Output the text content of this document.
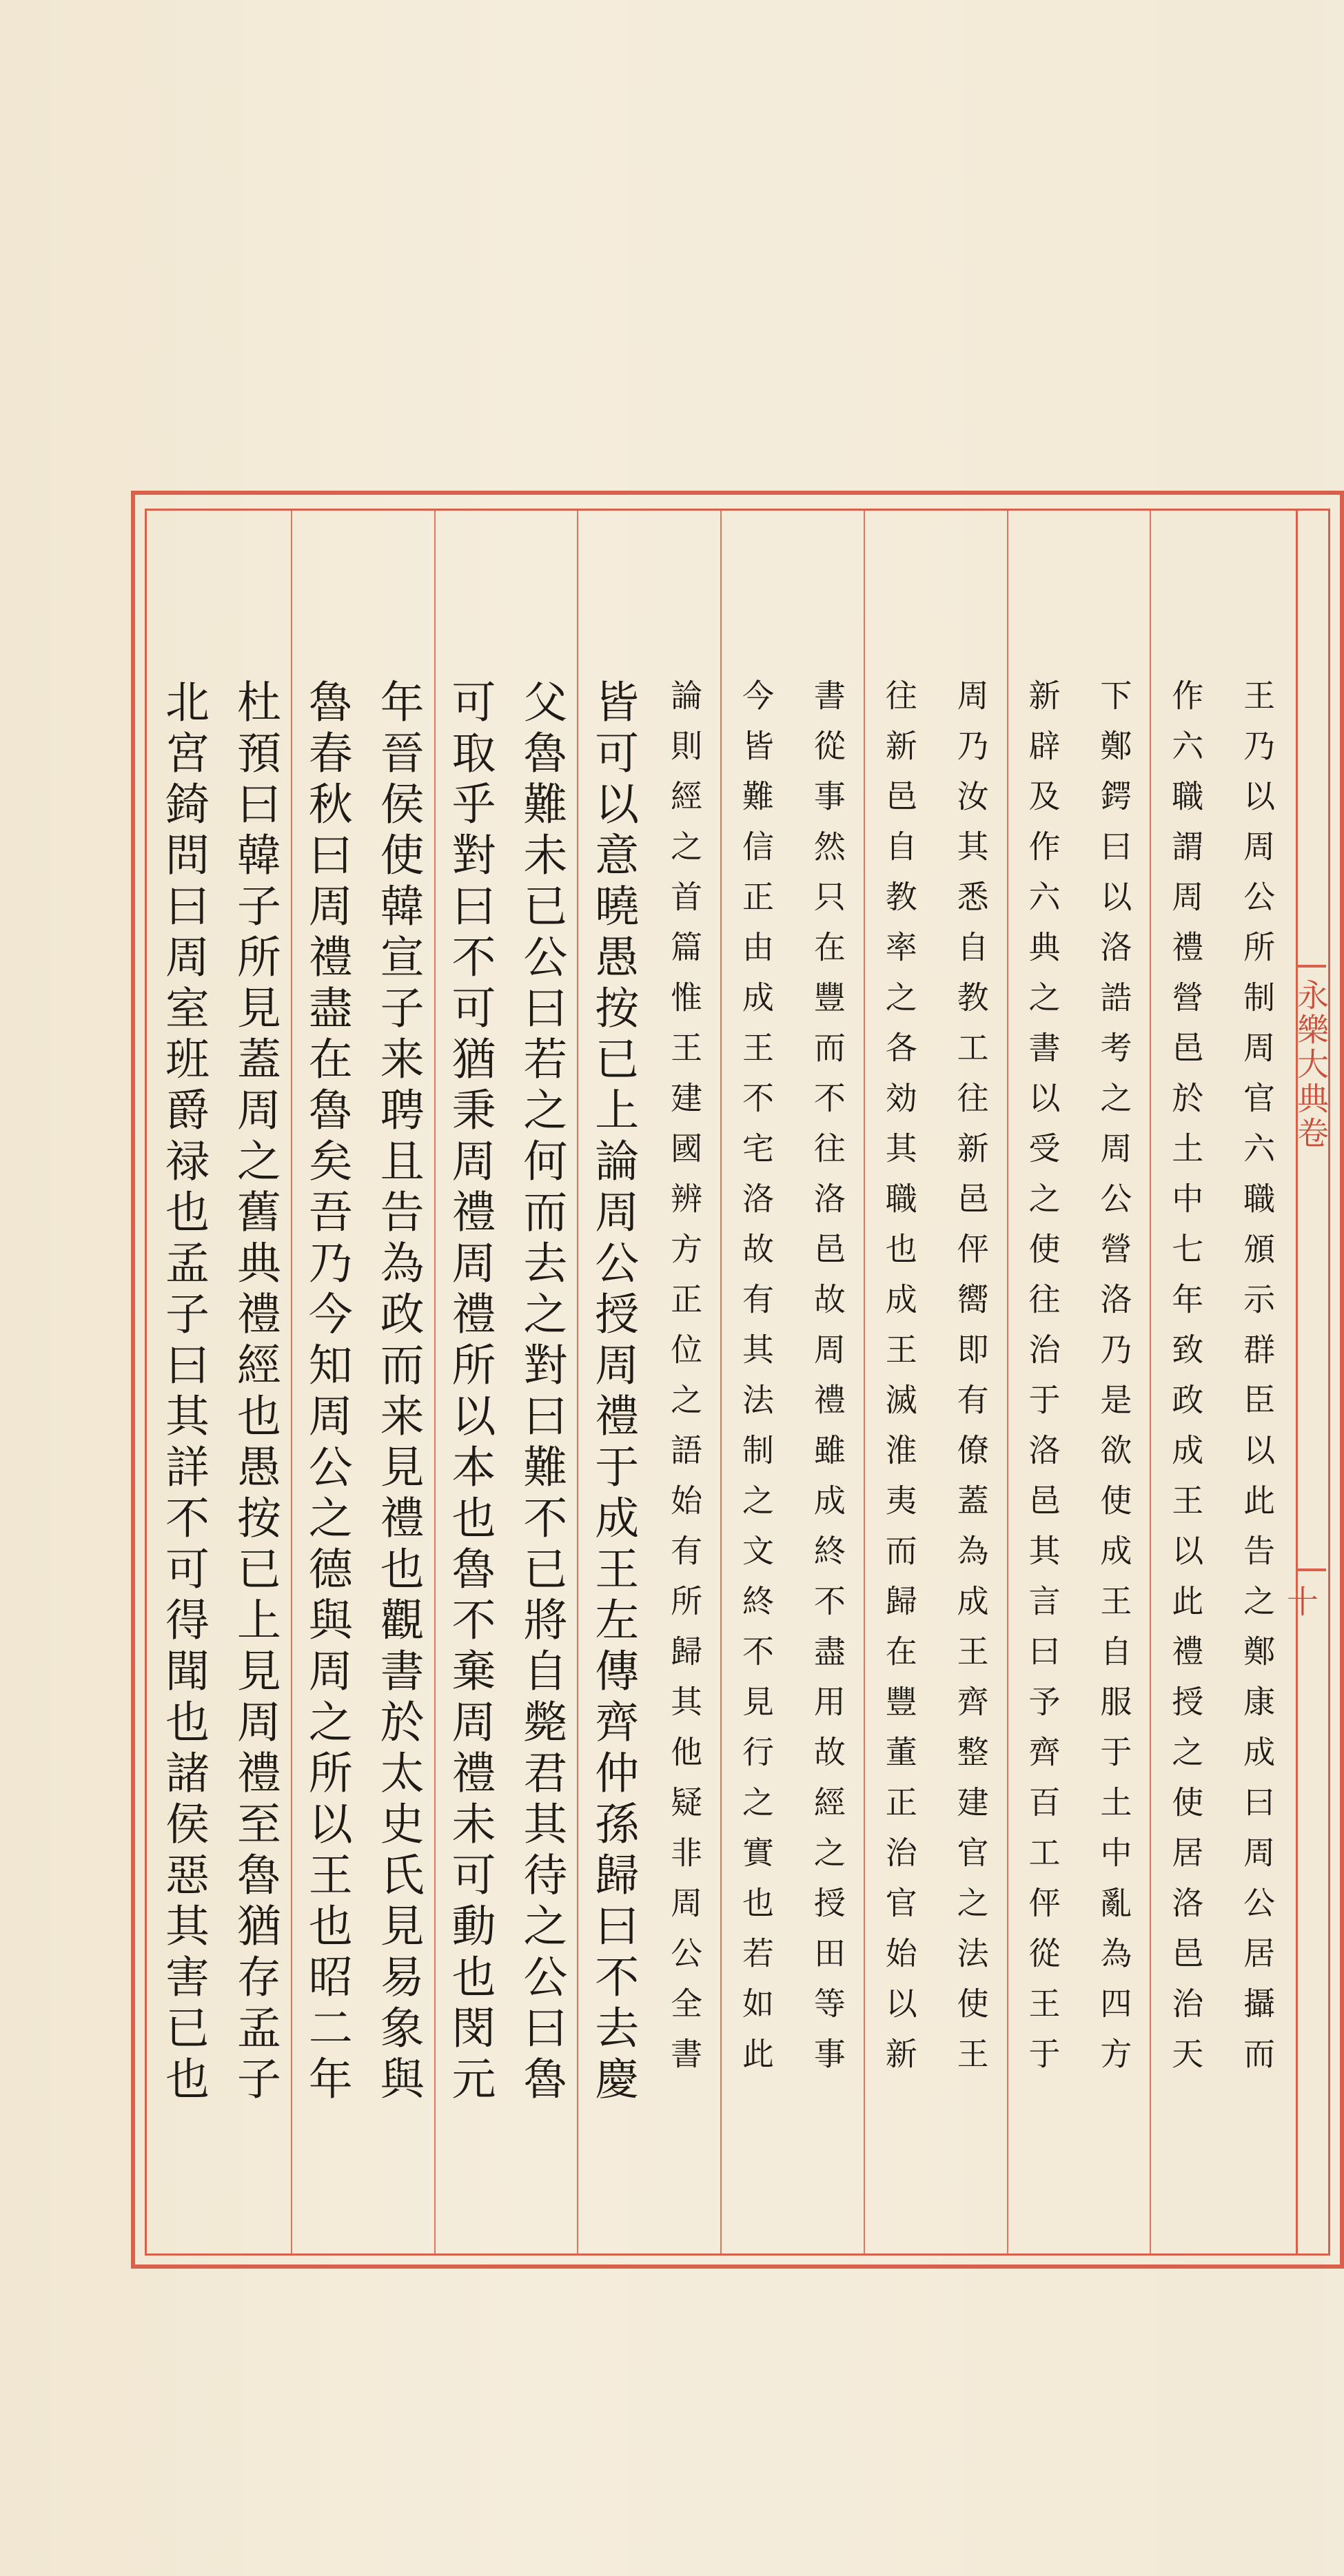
永樂大典卷
十
王乃以周公所制周官六職頒示群臣以此告之鄭康成曰周公居攝而
作六職謂周禮營邑於土中七年致政成王以此禮授之使居洛邑治天
下鄭鍔曰以洛誥考之周公營洛乃是欲使成王自服于土中亂為四方
新辟及作六典之書以受之使往治于洛邑其言曰予齊百工伻從王于
周乃汝其悉自教工往新邑伻嚮即有僚蓋為成王齊整建官之法使王
往新邑自教率之各効其職也成王滅淮夷而歸在豐董正治官始以新
書從事然只在豐而不往洛邑故周禮雖成終不盡用故經之授田等事
今皆難信正由成王不宅洛故有其法制之文終不見行之實也若如此
論則經之首篇惟王建國辨方正位之語始有所歸其他疑非周公全書
皆可以意曉愚按已上論周公授周禮于成王左傳齊仲孫歸曰不去慶
父魯難未已公曰若之何而去之對曰難不已將自斃君其待之公曰魯
可取乎對曰不可猶秉周禮周禮所以本也魯不棄周禮未可動也閔元
年晉侯使韓宣子来聘且告為政而来見禮也觀書於太史氏見易象與
魯春秋曰周禮盡在魯矣吾乃今知周公之德與周之所以王也昭二年
杜預曰韓子所見蓋周之舊典禮經也愚按已上見周禮至魯猶存孟子
北宮錡問曰周室班爵禄也孟子曰其詳不可得聞也諸侯惡其害已也
